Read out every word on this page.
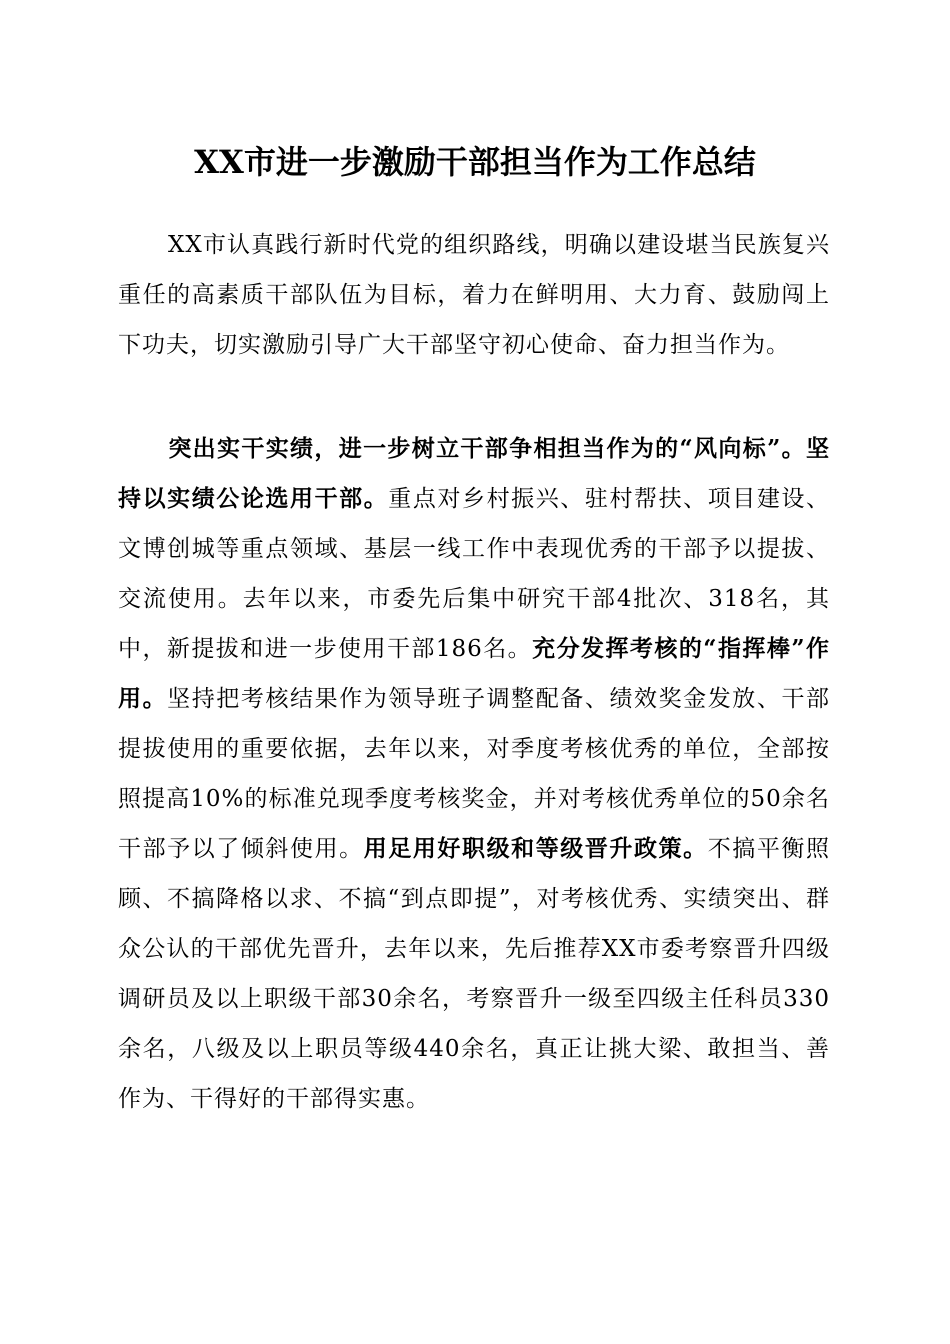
XX市进一步激励干部担当作为工作总结

XX市认真践行新时代党的组织路线，明确以建设堪当民族复兴重任的高素质干部队伍为目标，着力在鲜明用、大力育、鼓励闯上下功夫，切实激励引导广大干部坚守初心使命、奋力担当作为。

突出实干实绩，进一步树立干部争相担当作为的“风向标”。坚持以实绩公论选用干部。重点对乡村振兴、驻村帮扶、项目建设、文博创城等重点领域、基层一线工作中表现优秀的干部予以提拔、交流使用。去年以来，市委先后集中研究干部4批次、318名，其中，新提拔和进一步使用干部186名。充分发挥考核的“指挥棒”作用。坚持把考核结果作为领导班子调整配备、绩效奖金发放、干部提拔使用的重要依据，去年以来，对季度考核优秀的单位，全部按照提高10%的标准兑现季度考核奖金，并对考核优秀单位的50余名干部予以了倾斜使用。用足用好职级和等级晋升政策。不搞平衡照顾、不搞降格以求、不搞“到点即提”，对考核优秀、实绩突出、群众公认的干部优先晋升，去年以来，先后推荐XX市委考察晋升四级调研员及以上职级干部30余名，考察晋升一级至四级主任科员330余名，八级及以上职员等级440余名，真正让挑大梁、敢担当、善作为、干得好的干部得实惠。
